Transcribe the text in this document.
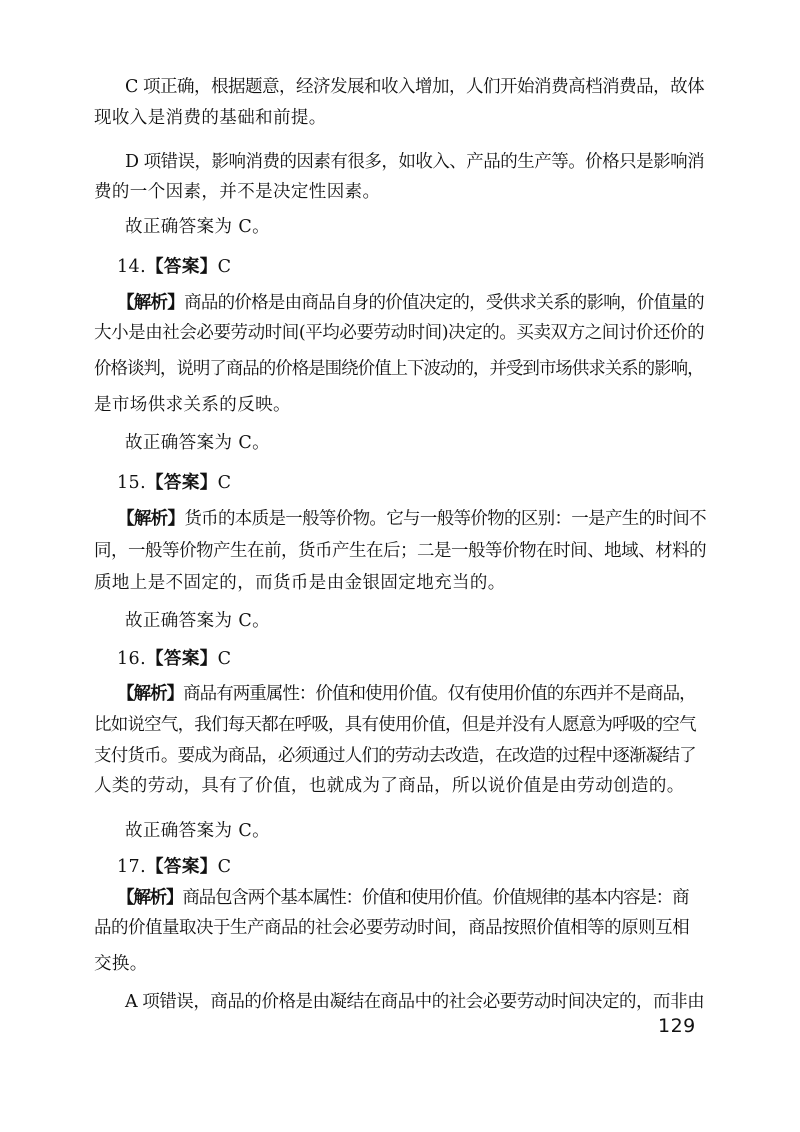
C 项正确，根据题意，经济发展和收入增加，人们开始消费高档消费品，故体
现收入是消费的基础和前提。
D 项错误，影响消费的因素有很多，如收入、产品的生产等。价格只是影响消
费的一个因素，并不是决定性因素。
故正确答案为 C。
14.【答案】C
【解析】商品的价格是由商品自身的价值决定的，受供求关系的影响，价值量的
大小是由社会必要劳动时间(平均必要劳动时间)决定的。买卖双方之间讨价还价的
价格谈判，说明了商品的价格是围绕价值上下波动的，并受到市场供求关系的影响，
是市场供求关系的反映。
故正确答案为 C。
15.【答案】C
【解析】货币的本质是一般等价物。它与一般等价物的区别：一是产生的时间不
同，一般等价物产生在前，货币产生在后；二是一般等价物在时间、地域、材料的
质地上是不固定的，而货币是由金银固定地充当的。
故正确答案为 C。
16.【答案】C
【解析】商品有两重属性：价值和使用价值。仅有使用价值的东西并不是商品，
比如说空气，我们每天都在呼吸，具有使用价值，但是并没有人愿意为呼吸的空气
支付货币。要成为商品，必须通过人们的劳动去改造，在改造的过程中逐渐凝结了
人类的劳动，具有了价值，也就成为了商品，所以说价值是由劳动创造的。
故正确答案为 C。
17.【答案】C
【解析】商品包含两个基本属性：价值和使用价值。价值规律的基本内容是：商
品的价值量取决于生产商品的社会必要劳动时间，商品按照价值相等的原则互相
交换。
A 项错误，商品的价格是由凝结在商品中的社会必要劳动时间决定的，而非由
129
